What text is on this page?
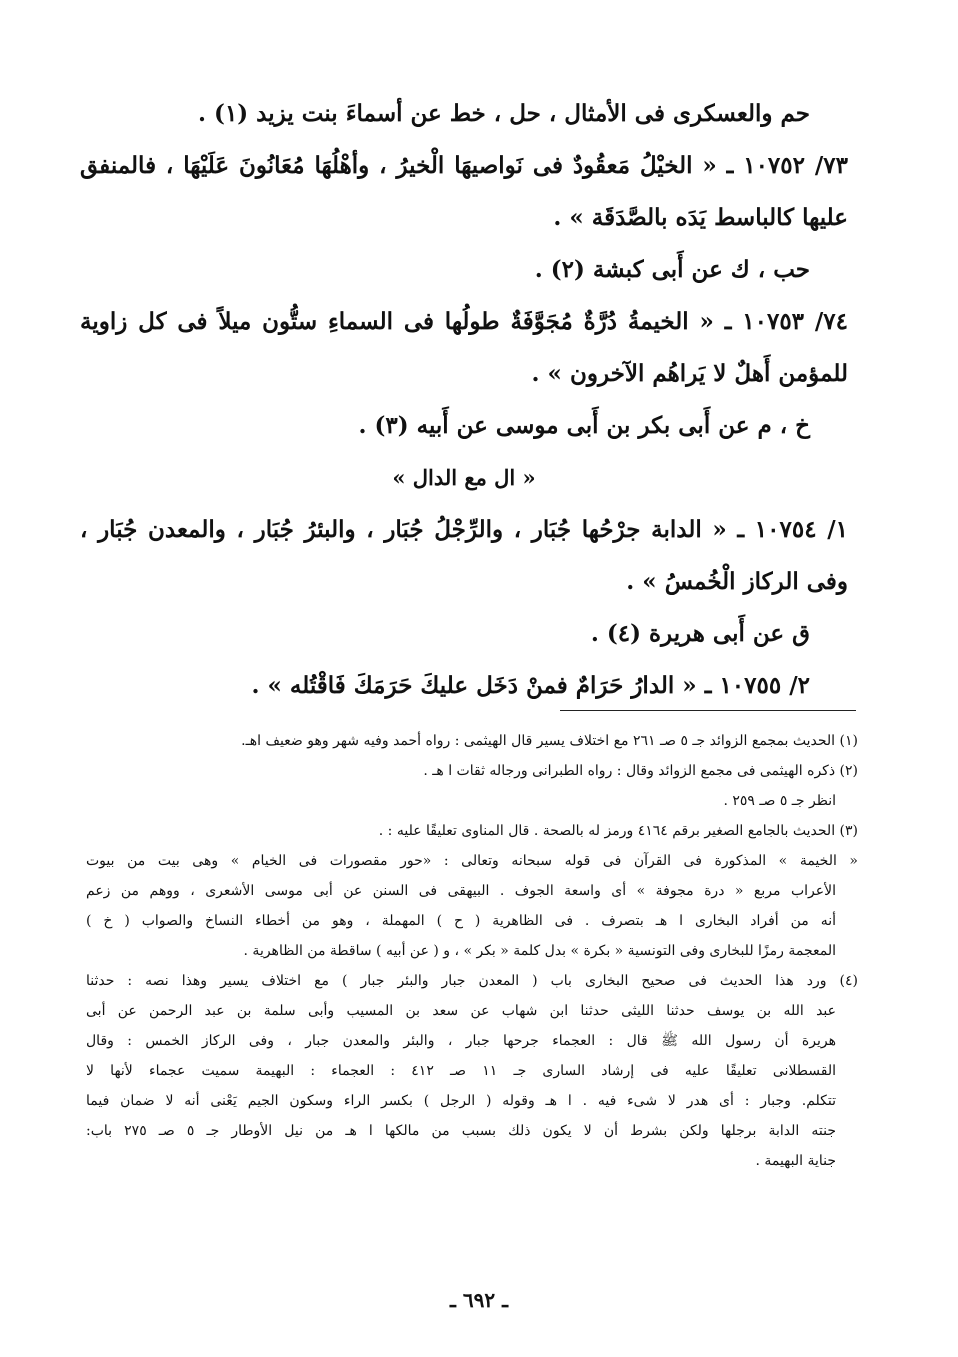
حم والعسكرى فى الأمثال ، حل ، خط عن أسماءَ بنت يزيد (١) .
٧٣/ ١٠٧٥٢ ـ « الخيْلُ مَعقُودٌ فى نَواصيهَا الْخيرُ ، وأهْلُهَا مُعَانُونَ عَلَيْهَا ، فالمنفق
عليها كالباسط يَدَه بالصَّدَقَة » .
حب ، ك عن أَبى كبشة (٢) .
٧٤/ ١٠٧٥٣ ـ « الخيمةُ دُرَّةٌ مُجَوَّفَةٌ طولُها فى السماءِ ستُّون ميلاً فى كل زاوية
للمؤمن أَهلٌ لا يَراهُم الآخرون » .
خ ، م عن أَبى بكر بن أَبى موسى عن أَبيه (٣) .
« ال مع الدال »
١/ ١٠٧٥٤ ـ « الدابة جرْحُها جُبَار ، والرِّجْلُ جُبَار ، والبئرُ جُبَار ، والمعدن جُبَار ،
وفى الركاز الْخُمسُ » .
ق عن أَبى هريرة (٤) .
٢/ ١٠٧٥٥ ـ « الدارُ حَرَامٌ فمنْ دَخَل عليكَ حَرَمَكَ فَاقْتُله » .
(١) الحديث بمجمع الزوائد جـ ٥ صـ ٢٦١ مع اختلاف يسير قال الهيثمى : رواه أحمد وفيه شهر وهو ضعيف اهـ.
(٢) ذكره الهيثمى فى مجمع الزوائد وقال : رواه الطبرانى ورجاله ثقات ا هـ .
انظر جـ ٥ صـ ٢٥٩ .
(٣) الحديث بالجامع الصغير برقم ٤١٦٤ ورمز له بالصحة . قال المناوى تعليقًا عليه : .
« الخيمة » المذكورة فى القرآن فى قوله سبحانه وتعالى : «حور مقصورات فى الخيام » وهى بيت من بيوت
الأعراب مربع « درة مجوفة » أى واسعة الجوف . البيهقى فى السنن عن أبى موسى الأشعرى ، ووهم من زعم
أنه من أفراد البخارى ا هـ بتصرف . فى الظاهرية ( ح ) المهملة ، وهو من أخطاء النساخ والصواب ( خ )
المعجمة رمزًا للبخارى وفى التونسية « بكرة » بدل كلمة « بكر » ، و ( عن أبيه ) ساقطة من الظاهرية .
(٤) ورد هذا الحديث فى صحيح البخارى باب ( المعدن جبار والبئر جبار ) مع اختلاف يسير وهذا نصه : حدثنا
عبد الله بن يوسف حدثنا الليثى حدثنا ابن شهاب عن سعد بن المسيب وأبى سلمة بن عبد الرحمن عن أبى
هريرة أن رسول الله ﷺ قال : العجماء جرحها جبار ، والبئر والمعدن جبار ، وفى الركاز الخمس : وقال
القسطلانى تعليقًا عليه فى إرشاد السارى جـ ١١ صـ ٤١٢ : العجماء : البهيمة سميت عجماء لأنها لا
تتكلم. وجبار : أى هدر لا شىء فيه . ا هـ وقوله ( الرجل ) بكسر الراء وسكون الجيم يَعْنى أنه لا ضمان فيما
جنته الدابة برجلها ولكن بشرط أن لا يكون ذلك بسبب من مالكها ا هـ من نيل الأوطار جـ ٥ صـ ٢٧٥ باب:
جناية البهيمة .
ـ ٦٩٢ ـ
